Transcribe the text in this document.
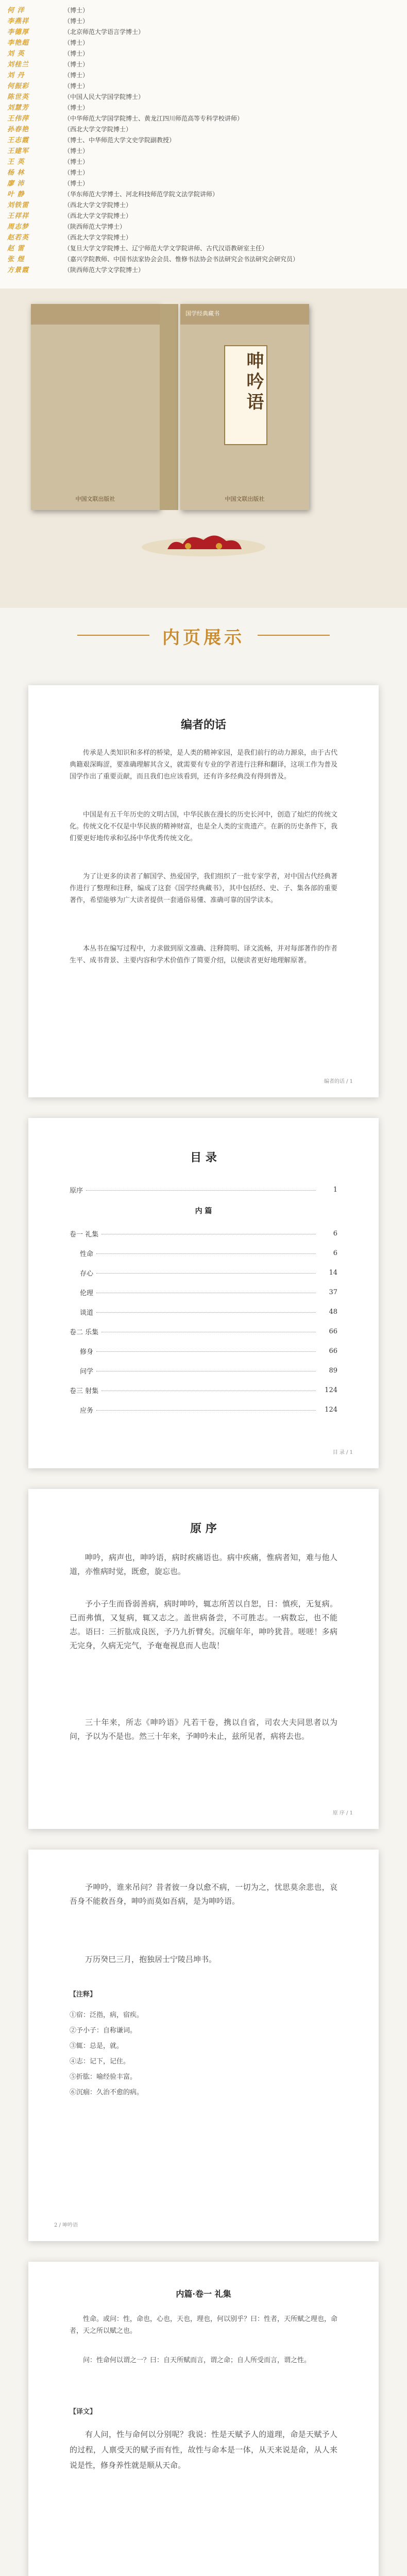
何 洋	（博士）
李燕祥	（博士）
李德厚	（北京师范大学语言学博士）
李艳超	（博士）
刘 英	（博士）
刘桂兰	（博士）
刘 丹	（博士）
何振彩	（博士）
陈世英	（中国人民大学国学院博士）
刘慧芳	（博士）
王伟萍	（中华师范大学国学院博士、黄龙江四川师范高等专科学校讲师）
孙春艳	（西北大学文学院博士）
王志霞	（博士、中华师范大学文史学院副教授）
王建军	（博士）
王 英	（博士）
杨 林	（博士）
廖 沛	（博士）
叶 静	（华东师范大学博士、河北科技师范学院文法学院讲师）
刘铁雷	（西北大学文学院博士）
王祥祥	（西北大学文学院博士）
周志梦	（陕西师范大学博士）
赵若英	（西北大学文学院博士）
赵 雷	（复旦大学文学院博士、辽宁师范大学文学院讲师、古代汉语教研室主任）
张 煜	（嘉兴学院教师、中国书法家协会会员、惟修书法协会书法研究会书法研究会研究员）
方景霞	（陕西师范大学文学院博士）
中国文联出版社
国学经典藏书
呻吟语
中国文联出版社
内页展示
编者的话
传承是人类知识和多样的桥梁，是人类的精神家园，是我们前行的动力源泉，由于古代典籍艰深晦涩，要准确理解其含义，就需要有专业的学者进行注释和翻译，这项工作为普及国学作出了重要贡献，而且我们也应该看到，还有许多经典没有得到普及。
中国是有五千年历史的文明古国，中华民族在漫长的历史长河中，创造了灿烂的传统文化。传统文化不仅是中华民族的精神财富，也是全人类的宝贵遗产。在新的历史条件下，我们要更好地传承和弘扬中华优秀传统文化。
为了让更多的读者了解国学、热爱国学，我们组织了一批专家学者，对中国古代经典著作进行了整理和注释，编成了这套《国学经典藏书》，其中包括经、史、子、集各部的重要著作，希望能够为广大读者提供一套通俗易懂、准确可靠的国学读本。
本丛书在编写过程中，力求做到原文准确、注释简明、译文流畅，并对每部著作的作者生平、成书背景、主要内容和学术价值作了简要介绍，以便读者更好地理解原著。
编者的话 / 1
目 录
原序	1
内 篇
卷一 礼集	6
性命	6
存心	14
伦理	37
谈道	48
卷二 乐集	66
修身	66
问学	89
卷三 射集	124
应务	124
目 录 / 1
原 序
呻吟，病声也，呻吟语，病时疾痛语也。病中疾痛，惟病者知，难与他人道，亦惟病时觉，既愈，旋忘也。
予小子生而昏弱善病，病时呻吟，辄志所苦以自恕，日：慎疾，无复病。已而弗慎，又复病，辄又志之。盖世病备尝，不可胜志。一病数忘，也不能志。语曰：三折肱成良医，予乃九折臂矣。沉痼年年，呻吟犹昔。嗟嗟！多病无完身，久病无完气，予奄奄视息而人也哉！
三十年来，所志《呻吟语》凡若干卷，携以自省，司农大夫同思者以为问，予以为不是也。然三十年来，予呻吟未止，兹所见者，病将去也。
原 序 / 1
予呻吟，谁来吊问？昔者彼一身以愈不病，一切为之，忧思莫余悲也，哀吾身不能救吾身，呻吟而莫如吾病，是为呻吟语。
万历癸巳三月，抱独居士宁陵吕坤书。
【注释】
①宿：泛指，病，宿疾。
②予小子：自称谦词。
③辄：总是，就。
④志：记下，记住。
⑤折肱：喻经验丰富。
⑥沉痼：久治不愈的病。
2 / 呻吟语
内篇·卷一 礼集
性命。或问：性，命也，心也，天也，理也，何以别乎？曰：性者，天所赋之理也，命者，天之所以赋之也。
问：性命何以谓之一？曰：自天所赋而言，谓之命；自人所受而言，谓之性。
【译文】
有人问，性与命何以分别呢？我说：性是天赋予人的道理，命是天赋予人的过程，人禀受天的赋予而有性，故性与命本是一体，从天来说是命，从人来说是性，修身养性就是顺从天命。
